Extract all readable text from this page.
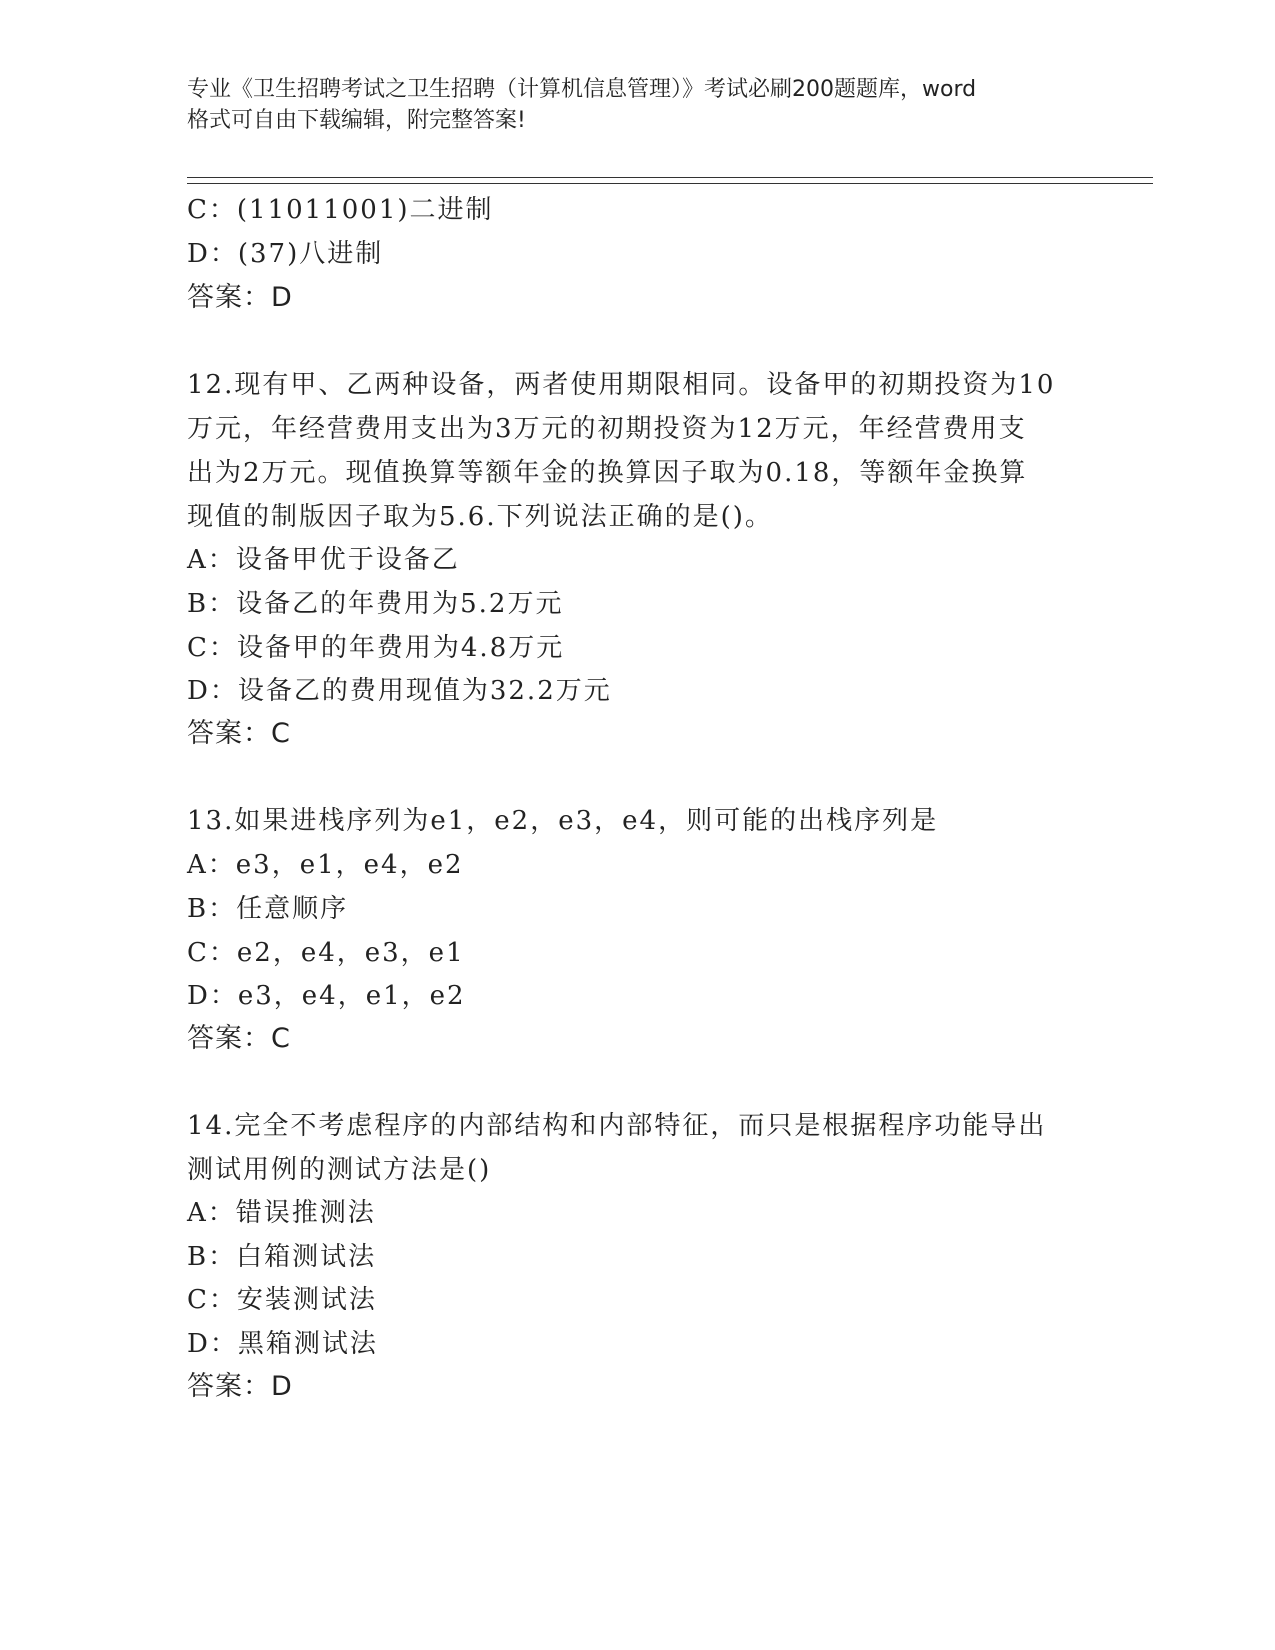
专业《卫生招聘考试之卫生招聘（计算机信息管理）》考试必刷200题题库，word
格式可自由下载编辑，附完整答案!
C：(11011001)二进制
D：(37)八进制
答案：D
12.现有甲、乙两种设备，两者使用期限相同。设备甲的初期投资为10
万元，年经营费用支出为3万元的初期投资为12万元，年经营费用支
出为2万元。现值换算等额年金的换算因子取为0.18，等额年金换算
现值的制版因子取为5.6.下列说法正确的是()。
A：设备甲优于设备乙
B：设备乙的年费用为5.2万元
C：设备甲的年费用为4.8万元
D：设备乙的费用现值为32.2万元
答案：C
13.如果进栈序列为e1，e2，e3，e4，则可能的出栈序列是
A：e3，e1，e4，e2
B：任意顺序
C：e2，e4，e3，e1
D：e3，e4，e1，e2
答案：C
14.完全不考虑程序的内部结构和内部特征，而只是根据程序功能导出
测试用例的测试方法是()
A：错误推测法
B：白箱测试法
C：安装测试法
D：黑箱测试法
答案：D
